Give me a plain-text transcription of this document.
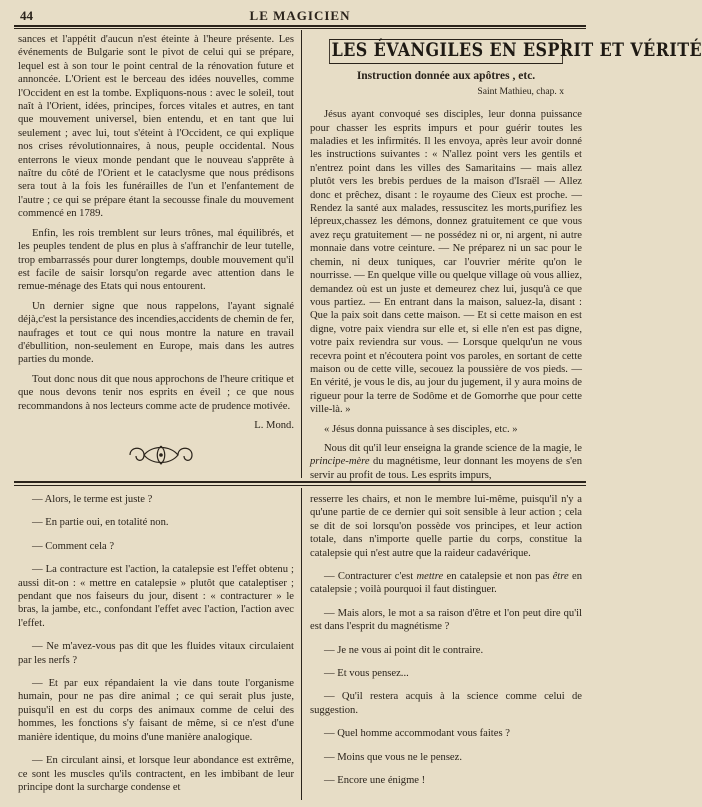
44	LE MAGICIEN

sances et l'appétit d'aucun n'est éteinte à l'heure présente. Les événements de Bulgarie sont le pivot de celui qui se prépare, lequel est à son tour le point central de la rénovation future et annoncée. L'Orient est le berceau des idées nouvelles, comme l'Occident en est la tombe. Expliquons-nous : avec le soleil, tout naît à l'Orient, idées, principes, forces vitales et autres, en tant que mouvement universel, bien entendu, et en tant que lui seulement ; avec lui, tout s'éteint à l'Occident, ce qui explique nos crises révolutionnaires, à nous, peuple occidental. Nous enterrons le vieux monde pendant que le nouveau s'apprête à naître du côté de l'Orient et le cataclysme que nous prédisons sera tout à la fois les funérailles de l'un et l'enfantement de l'autre ; ce qui se prépare étant la secousse finale du mouvement commencé en 1789.

Enfin, les rois tremblent sur leurs trônes, mal équilibrés, et les peuples tendent de plus en plus à s'affranchir de leur tutelle, trop embarrassés pour durer longtemps, double mouvement qu'il est facile de saisir lorsqu'on regarde avec attention dans le remue-ménage des Etats qui nous entourent.

Un dernier signe que nous rappelons, l'ayant signalé déjà,c'est la persistance des incendies,accidents de chemin de fer, naufrages et tout ce qui nous montre la nature en travail d'ébullition, non-seulement en Europe, mais dans les autres parties du monde.

Tout donc nous dit que nous approchons de l'heure critique et que nous devons tenir nos esprits en éveil ; ce que nous recommandons à nos lecteurs comme acte de prudence motivée.

L. Mond.
LES ÉVANGILES EN ESPRIT ET VÉRITÉ
Instruction donnée aux apôtres , etc.
Saint Mathieu, chap. x

Jésus ayant convoqué ses disciples, leur donna puissance pour chasser les esprits impurs et pour guérir toutes les maladies et les infirmités. Il les envoya, après leur avoir donné les instructions suivantes : « N'allez point vers les gentils et n'entrez point dans les villes des Samaritains — mais allez plutôt vers les brebis perdues de la maison d'Israël — Allez donc et prêchez, disant : le royaume des Cieux est proche. — Rendez la santé aux malades, ressuscitez les morts,purifiez les lépreux,chassez les démons, donnez gratuitement ce que vous avez reçu gratuitement — ne possédez ni or, ni argent, ni autre monnaie dans votre ceinture. — Ne préparez ni un sac pour le chemin, ni deux tuniques, car l'ouvrier mérite qu'on le nourrisse. — En quelque ville ou quelque village où vous alliez, demandez où est un juste et demeurez chez lui, jusqu'à ce que vous partiez. — En entrant dans la maison, saluez-la, disant : Que la paix soit dans cette maison. — Et si cette maison en est digne, votre paix viendra sur elle et, si elle n'en est pas digne, votre paix reviendra sur vous. — Lorsque quelqu'un ne vous recevra point et n'écoutera point vos paroles, en sortant de cette maison ou de cette ville, secouez la poussière de vos pieds. — En vérité, je vous le dis, au jour du jugement, il y aura moins de rigueur pour la terre de Sodôme et de Gomorrhe que pour cette ville-là. »

« Jésus donna puissance à ses disciples, etc. »

Nous dit qu'il leur enseigna la grande science de la magie, le principe-mère du magnétisme, leur donnant les moyens de s'en servir au profit de tous. Les esprits impurs,

— Alors, le terme est juste ?

— En partie oui, en totalité non.

— Comment cela ?

— La contracture est l'action, la catalepsie est l'effet obtenu ; aussi dit-on : « mettre en catalepsie » plutôt que cataleptiser ; pendant que nos faiseurs du jour, disent : « contracturer » le bras, la jambe, etc., confondant l'effet avec l'action, l'action avec l'effet.

— Ne m'avez-vous pas dit que les fluides vitaux circulaient par les nerfs ?

— Et par eux répandaient la vie dans toute l'organisme humain, pour ne pas dire animal ; ce qui serait plus juste, puisqu'il en est du corps des animaux comme de celui des hommes, les fonctions s'y faisant de même, si ce n'est d'une manière identique, du moins d'une manière analogique.

— En circulant ainsi, et lorsque leur abondance est extrême, ce sont les muscles qu'ils contractent, en les imbibant de leur principe dont la surcharge condense et

resserre les chairs, et non le membre lui-même, puisqu'il n'y a qu'une partie de ce dernier qui soit sensible à leur action ; cela se dit de soi lorsqu'on possède vos principes, et leur action totale, dans n'importe quelle partie du corps, constitue la catalepsie qui n'est autre que la raideur cadavérique.

— Contracturer c'est mettre en catalepsie et non pas être en catalepsie ; voilà pourquoi il faut distinguer.

— Mais alors, le mot a sa raison d'être et l'on peut dire qu'il est dans l'esprit du magnétisme ?

— Je ne vous ai point dit le contraire.

— Et vous pensez...

— Qu'il restera acquis à la science comme celui de suggestion.

— Quel homme accommodant vous faites ?

— Moins que vous ne le pensez.

— Encore une énigme !
